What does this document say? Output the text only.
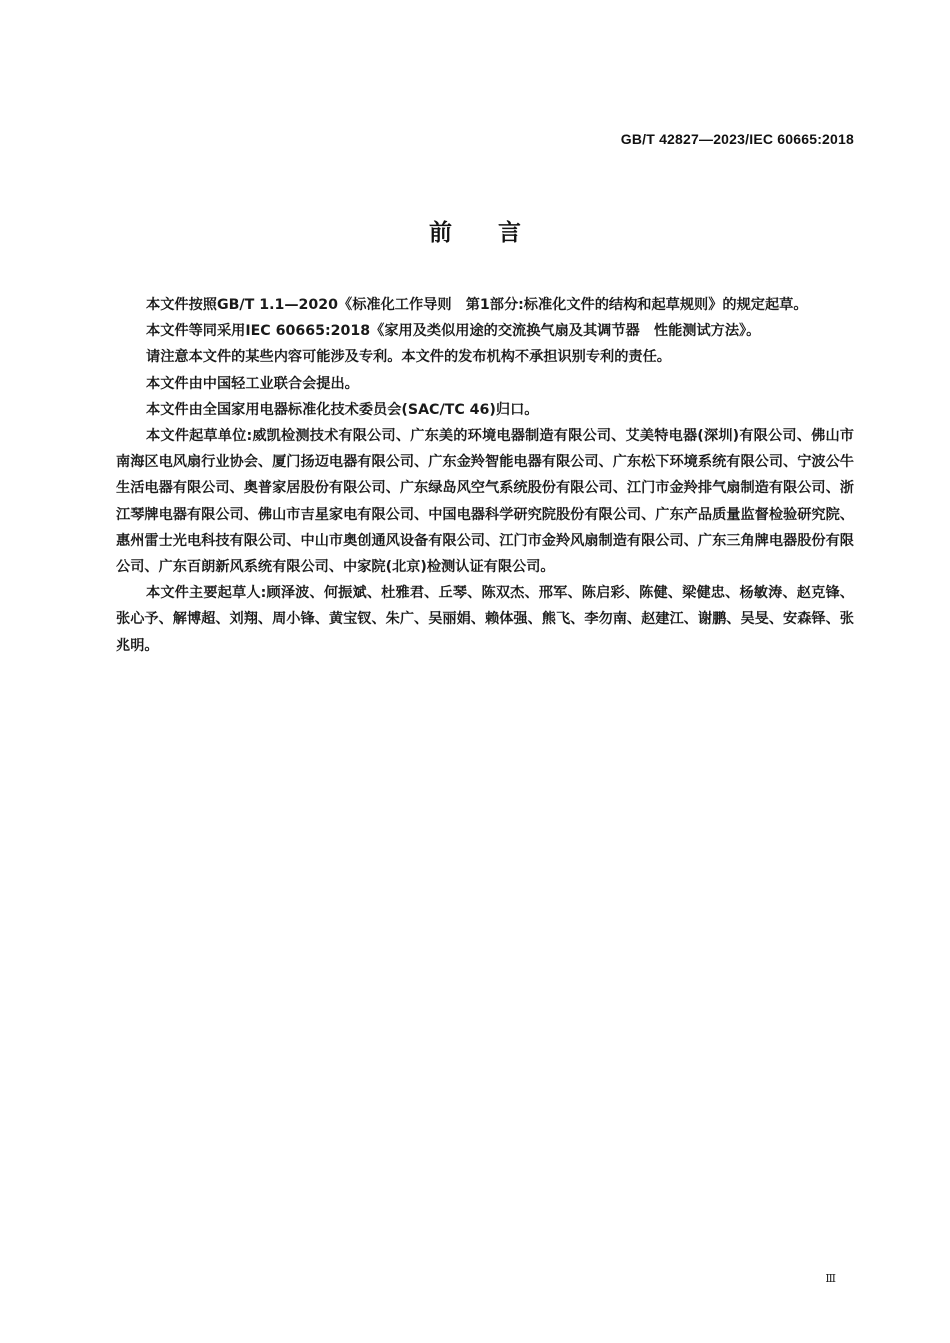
GB/T 42827—2023/IEC 60665:2018
前言

本文件按照GB/T 1.1—2020《标准化工作导则　第1部分:标准化文件的结构和起草规则》的规定起草。

本文件等同采用IEC 60665:2018《家用及类似用途的交流换气扇及其调节器　性能测试方法》。

请注意本文件的某些内容可能涉及专利。本文件的发布机构不承担识别专利的责任。

本文件由中国轻工业联合会提出。

本文件由全国家用电器标准化技术委员会(SAC/TC 46)归口。

本文件起草单位:威凯检测技术有限公司、广东美的环境电器制造有限公司、艾美特电器(深圳)有限公司、佛山市南海区电风扇行业协会、厦门扬迈电器有限公司、广东金羚智能电器有限公司、广东松下环境系统有限公司、宁波公牛生活电器有限公司、奥普家居股份有限公司、广东绿岛风空气系统股份有限公司、江门市金羚排气扇制造有限公司、浙江琴牌电器有限公司、佛山市吉星家电有限公司、中国电器科学研究院股份有限公司、广东产品质量监督检验研究院、惠州雷士光电科技有限公司、中山市奥创通风设备有限公司、江门市金羚风扇制造有限公司、广东三角牌电器股份有限公司、广东百朗新风系统有限公司、中家院(北京)检测认证有限公司。

本文件主要起草人:顾泽波、何振斌、杜雅君、丘琴、陈双杰、邢军、陈启彩、陈健、梁健忠、杨敏涛、赵克锋、张心予、解博超、刘翔、周小锋、黄宝钗、朱广、吴丽娟、赖体强、熊飞、李勿南、赵建江、谢鹏、吴旻、安森铎、张兆明。

Ⅲ
